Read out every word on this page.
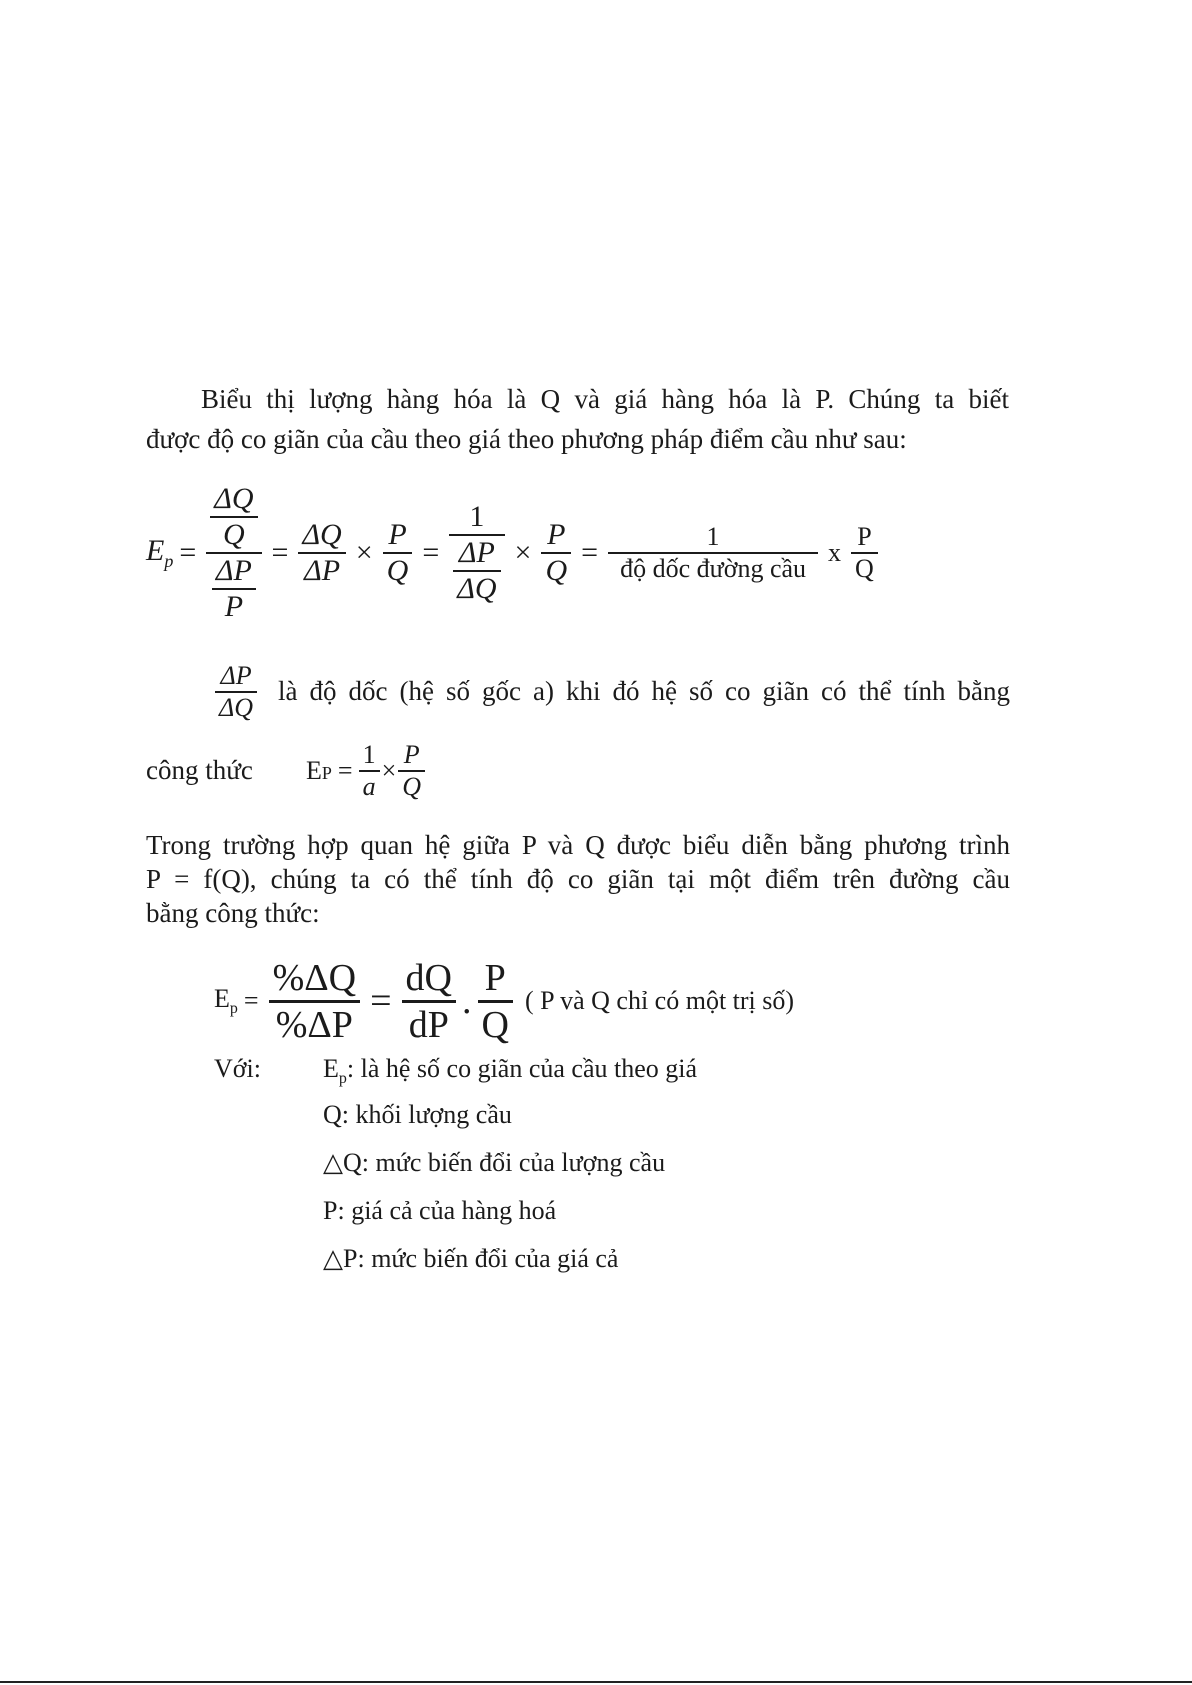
Biểu thị lượng hàng hóa là Q và giá hàng hóa là P. Chúng ta biết
được độ co giãn của cầu theo giá theo phương pháp điểm cầu như sau:
$E_p = \frac{\frac{\Delta Q}{Q}}{\frac{\Delta P}{P}} = \frac{\Delta Q}{\Delta P} \times \frac{P}{Q} = \frac{1}{\frac{\Delta P}{\Delta Q}} \times \frac{P}{Q} = \frac{1}{\text{độ dốc đường cầu}}$ x $\frac{P}{Q}$
$\frac{\Delta P}{\Delta Q}$ là độ dốc (hệ số gốc a) khi đó hệ số co giãn có thể tính bằng
công thức EP = $\frac{1}{a} \times \frac{P}{Q}$
Trong trường hợp quan hệ giữa P và Q được biểu diễn bằng phương trình
P = f(Q), chúng ta có thể tính độ co giãn tại một điểm trên đường cầu
bằng công thức:
$E_p = \frac{\%\Delta Q}{\%\Delta P} = \frac{dQ}{dP}$ . $\frac{P}{Q}$ ( P và Q chỉ có một trị số)
Với: $E_p$: là hệ số co giãn của cầu theo giá
Q: khối lượng cầu
△Q: mức biến đổi của lượng cầu
P: giá cả của hàng hoá
△P: mức biến đổi của giá cả
